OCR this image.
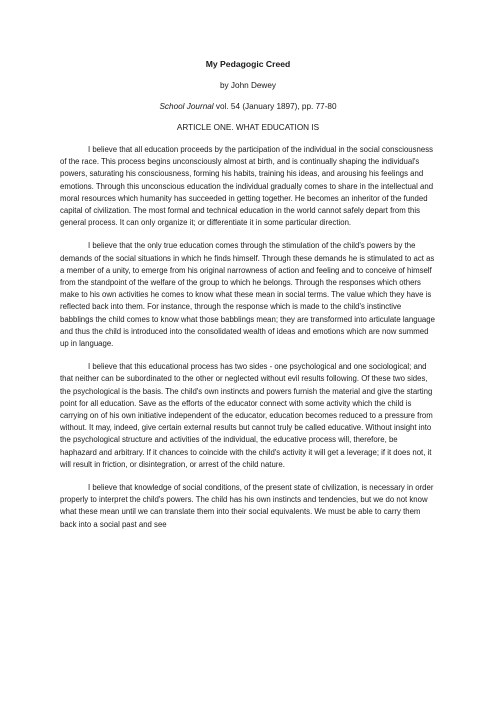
My Pedagogic Creed
by John Dewey
School Journal vol. 54 (January 1897), pp. 77-80
ARTICLE ONE. WHAT EDUCATION IS

I believe that all education proceeds by the participation of the individual in the social consciousness of the race. This process begins unconsciously almost at birth, and is continually shaping the individual's powers, saturating his consciousness, forming his habits, training his ideas, and arousing his feelings and emotions. Through this unconscious education the individual gradually comes to share in the intellectual and moral resources which humanity has succeeded in getting together. He becomes an inheritor of the funded capital of civilization. The most formal and technical education in the world cannot safely depart from this general process. It can only organize it; or differentiate it in some particular direction.

I believe that the only true education comes through the stimulation of the child's powers by the demands of the social situations in which he finds himself. Through these demands he is stimulated to act as a member of a unity, to emerge from his original narrowness of action and feeling and to conceive of himself from the standpoint of the welfare of the group to which he belongs. Through the responses which others make to his own activities he comes to know what these mean in social terms. The value which they have is reflected back into them. For instance, through the response which is made to the child's instinctive babblings the child comes to know what those babblings mean; they are transformed into articulate language and thus the child is introduced into the consolidated wealth of ideas and emotions which are now summed up in language.

I believe that this educational process has two sides - one psychological and one sociological; and that neither can be subordinated to the other or neglected without evil results following. Of these two sides, the psychological is the basis. The child's own instincts and powers furnish the material and give the starting point for all education. Save as the efforts of the educator connect with some activity which the child is carrying on of his own initiative independent of the educator, education becomes reduced to a pressure from without. It may, indeed, give certain external results but cannot truly be called educative. Without insight into the psychological structure and activities of the individual, the educative process will, therefore, be haphazard and arbitrary. If it chances to coincide with the child's activity it will get a leverage; if it does not, it will result in friction, or disintegration, or arrest of the child nature.

I believe that knowledge of social conditions, of the present state of civilization, is necessary in order properly to interpret the child's powers. The child has his own instincts and tendencies, but we do not know what these mean until we can translate them into their social equivalents. We must be able to carry them back into a social past and see
